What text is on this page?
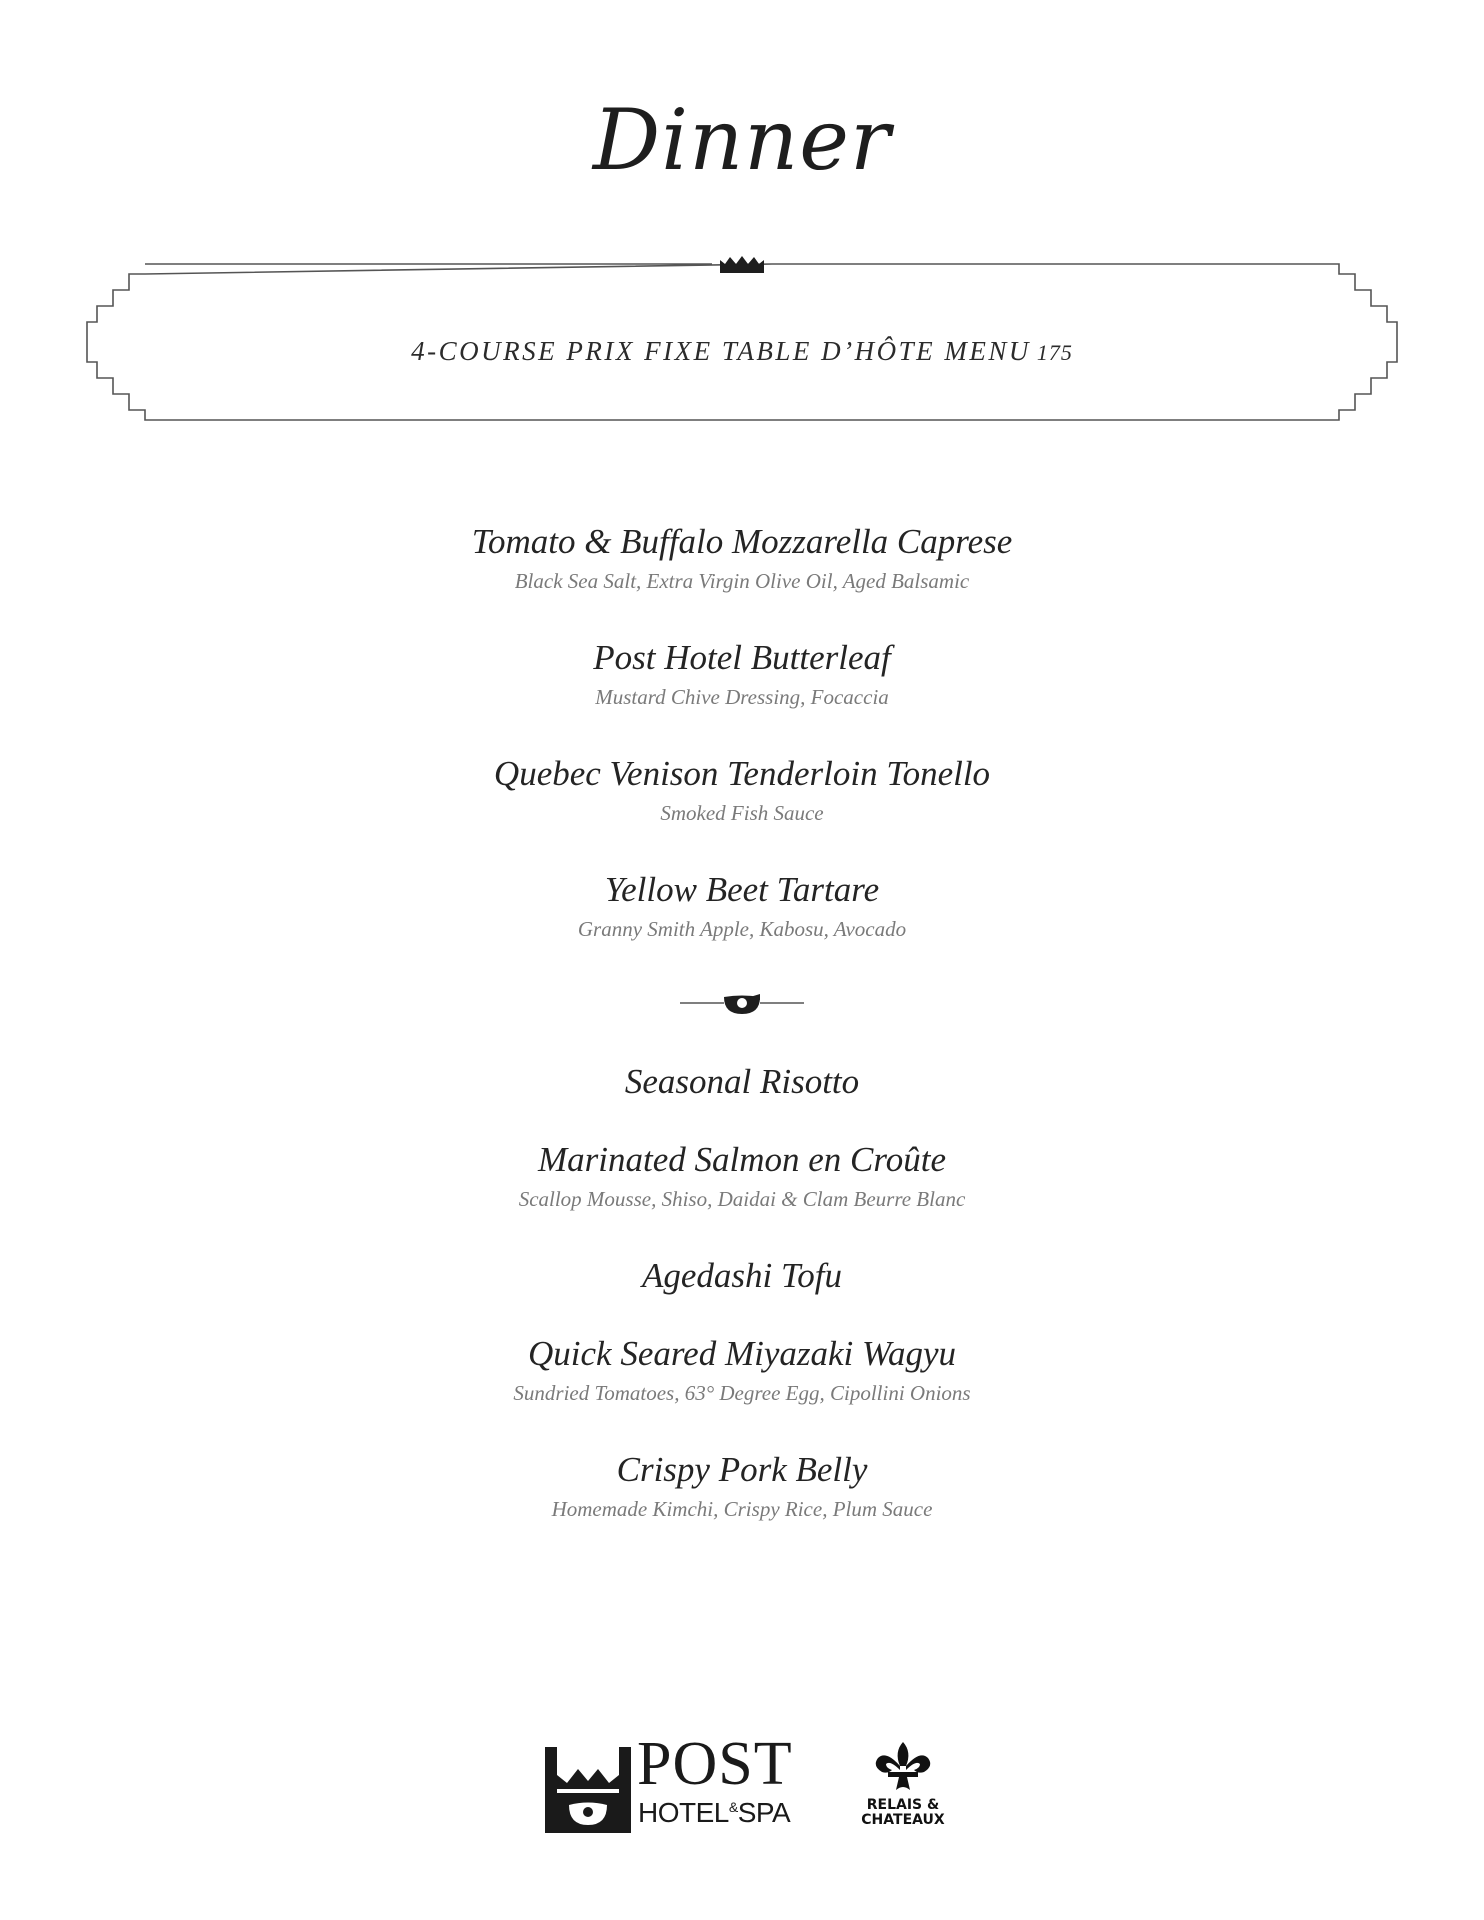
Dinner
4-COURSE PRIX FIXE TABLE D’HÔTE MENU 175
Tomato & Buffalo Mozzarella Caprese
Black Sea Salt, Extra Virgin Olive Oil, Aged Balsamic
Post Hotel Butterleaf
Mustard Chive Dressing, Focaccia
Quebec Venison Tenderloin Tonello
Smoked Fish Sauce
Yellow Beet Tartare
Granny Smith Apple, Kabosu, Avocado
Seasonal Risotto
Marinated Salmon en Croûte
Scallop Mousse, Shiso, Daidai & Clam Beurre Blanc
Agedashi Tofu
Quick Seared Miyazaki Wagyu
Sundried Tomatoes, 63° Degree Egg, Cipollini Onions
Crispy Pork Belly
Homemade Kimchi, Crispy Rice, Plum Sauce
POST
HOTEL&SPA	RELAIS &
CHATEAUX
